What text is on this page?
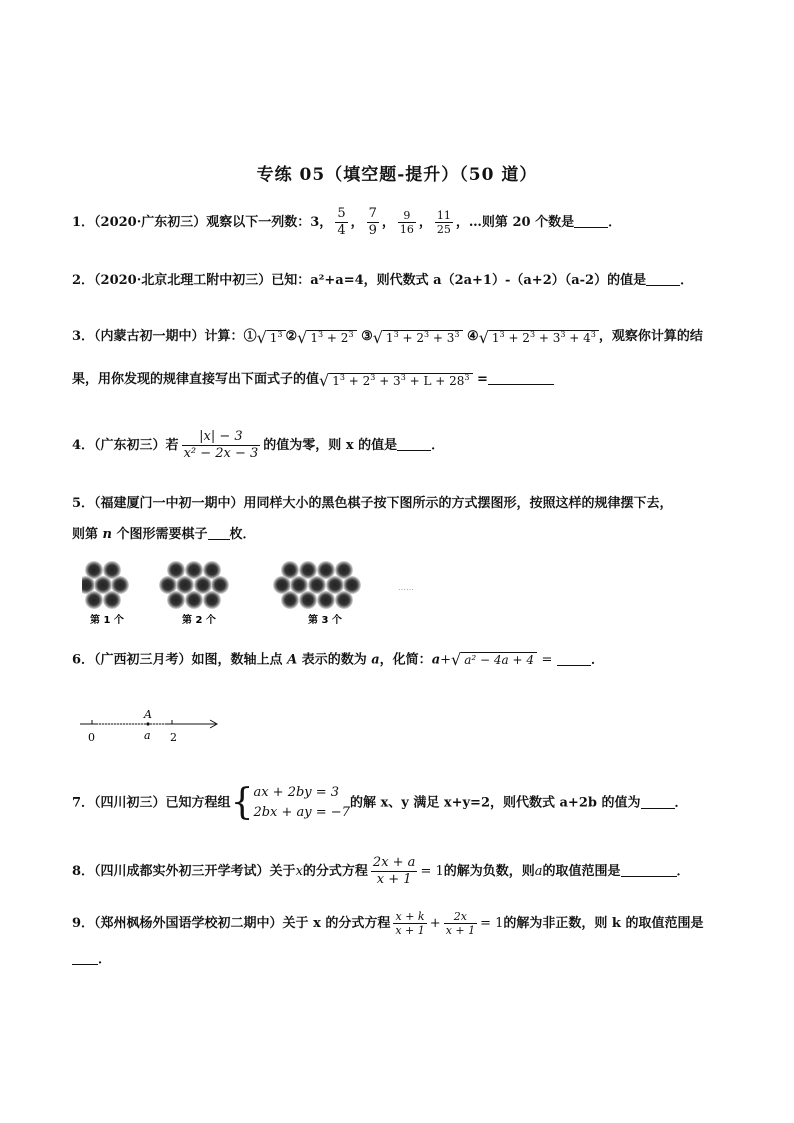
专练 05（填空题-提升）（50 道）
1．（2020·广东初三）观察以下一列数：3， $\frac{5}{4}$ ， $\frac{7}{9}$ ， $\frac{9}{16}$ ， $\frac{11}{25}$ ，…则第 20 个数是	．
2．（2020·北京北理工附中初三）已知：a²+a=4，则代数式 a（2a+1）-（a+2）（a-2）的值是	．
3．（内蒙古初一期中）计算：①√ $1^3$ ②√ $1^3 + 2^3$ ③√ $1^3 + 2^3 + 3^3$ ④√ $1^3 + 2^3 + 3^3 + 4^3$ ，观察你计算的结
果，用你发现的规律直接写出下面式子的值√ $1^3 + 2^3 + 3^3 + L + 28^3$ =
4．（广东初三）若 $\frac{|x| - 3}{\text{x² − 2x − 3}}$ 的值为零，则 x 的值是	．
5．（福建厦门一中初一期中）用同样大小的黑色棋子按下图所示的方式摆图形，按照这样的规律摆下去，
则第 n 个图形需要棋子 枚．
第 1 个	第 2 个	第 3 个
……
6．（广西初三月考）如图，数轴上点 A 表示的数为 a，化简：a+√ a² − 4a + 4 =	．
A
0	a 2
7．（四川初三）已知方程组{ ax + 2by = 3
2bx + ay = −7
的解 x、y 满足 x+y=2，则代数式 a+2b 的值为	．
8．（四川成都实外初三开学考试）关于x的分式方程 $\frac{2x + a}{x + 1} = 1$的解为负数，则a的取值范围是	．
9．（郑州枫杨外国语学校初二期中）关于 x 的分式方程 $\frac{x + k}{x + 1} + \frac{2x}{x + 1} = 1$的解为非正数，则 k 的取值范围是
．
